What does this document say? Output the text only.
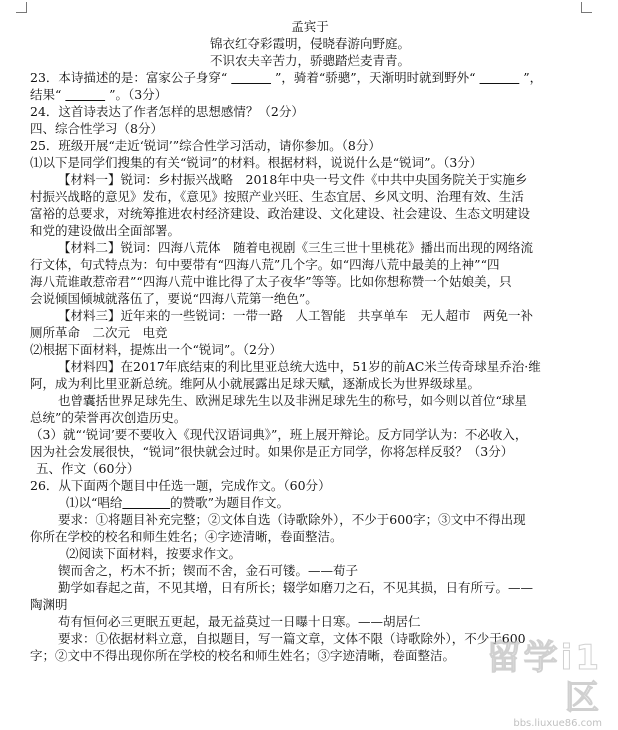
孟宾于
锦衣红夺彩霞明，侵晓春游向野庭。
不识农夫辛苦力，骄骢踏烂麦青青。
23．本诗描述的是：富家公子身穿“	”，骑着“骄骢”，天渐明时就到野外“	”，
结果“	”。（3分）
24．这首诗表达了作者怎样的思想感情？（2分）
四、综合性学习（8分）
25．班级开展“走近‘锐词’”综合性学习活动，请你参加。（8分）
⑴以下是同学们搜集的有关“锐词”的材料。根据材料，说说什么是“锐词”。（3分）
【材料一】锐词：乡村振兴战略　2018年中央一号文件《中共中央国务院关于实施乡
村振兴战略的意见》发布，《意见》按照产业兴旺、生态宜居、乡风文明、治理有效、生活
富裕的总要求，对统筹推进农村经济建设、政治建设、文化建设、社会建设、生态文明建设
和党的建设做出全面部署。
【材料二】锐词：四海八荒体　随着电视剧《三生三世十里桃花》播出而出现的网络流
行文体，句式特点为：句中要带有“四海八荒”几个字。如“四海八荒中最美的上神”“四
海八荒谁敢惹帝君”“四海八荒中谁比得了太子夜华”等等。比如你想称赞一个姑娘美，只
会说倾国倾城就落伍了，要说“四海八荒第一绝色”。
【材料三】近年来的一些锐词：一带一路　人工智能　共享单车　无人超市　两免一补
厕所革命　二次元　电竞
⑵根据下面材料，提炼出一个“锐词”。（2分）
【材料四】在2017年底结束的利比里亚总统大选中，51岁的前AC米兰传奇球星乔治·维
阿，成为利比里亚新总统。维阿从小就展露出足球天赋，逐渐成长为世界级球星。
也曾囊括世界足球先生、欧洲足球先生以及非洲足球先生的称号，如今则以首位“球星
总统”的荣誉再次创造历史。
（3）就“‘锐词’要不要收入《现代汉语词典》”，班上展开辩论。反方同学认为：不必收入，
因为社会发展很快，“锐词”很快就会过时。如果你是正方同学，你将怎样反驳？（3分）
五、作文（60分）
26．从下面两个题目中任选一题，完成作文。（60分）
⑴以“唱给	的赞歌”为题目作文。
要求：①将题目补充完整；②文体自选（诗歌除外），不少于600字；③文中不得出现
你所在学校的校名和师生姓名；④字迹清晰，卷面整洁。
⑵阅读下面材料，按要求作文。
锲而舍之，朽木不折；锲而不舍，金石可镂。——荀子
勤学如春起之苗，不见其增，日有所长；辍学如磨刀之石，不见其损，日有所亏。——
陶渊明
苟有恒何必三更眠五更起，最无益莫过一日曝十日寒。——胡居仁
要求：①依据材料立意，自拟题目，写一篇文章，文体不限（诗歌除外），不少于600
字；②文中不得出现你所在学校的校名和师生姓名；③字迹清晰，卷面整洁。 留学i1区
bbs.liuxue86.com
